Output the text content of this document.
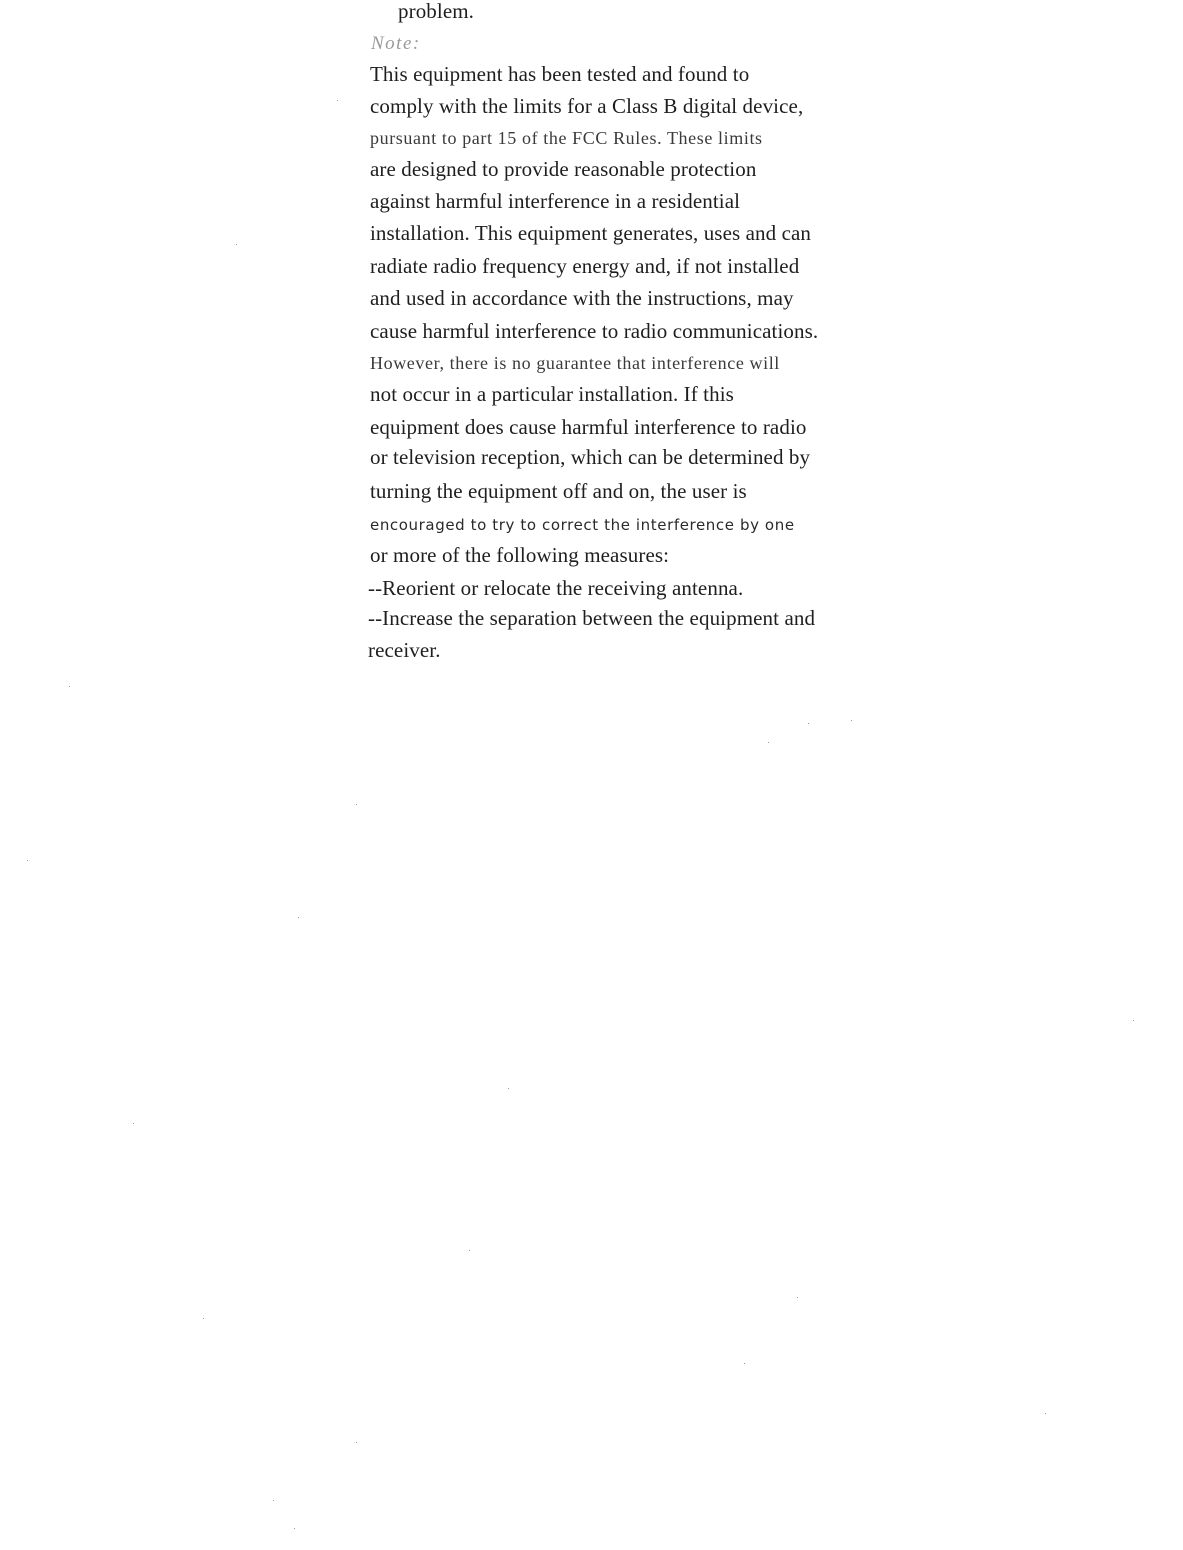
problem.
Note:
This equipment has been tested and found to
comply with the limits for a Class B digital device,
pursuant to part 15 of the FCC Rules. These limits
are designed to provide reasonable protection
against harmful interference in a residential
installation. This equipment generates, uses and can
radiate radio frequency energy and, if not installed
and used in accordance with the instructions, may
cause harmful interference to radio communications.
However, there is no guarantee that interference will
not occur in a particular installation. If this
equipment does cause harmful interference to radio
or television reception, which can be determined by
turning the equipment off and on, the user is
encouraged to try to correct the interference by one
or more of the following measures:
--Reorient or relocate the receiving antenna.
--Increase the separation between the equipment and
receiver.
